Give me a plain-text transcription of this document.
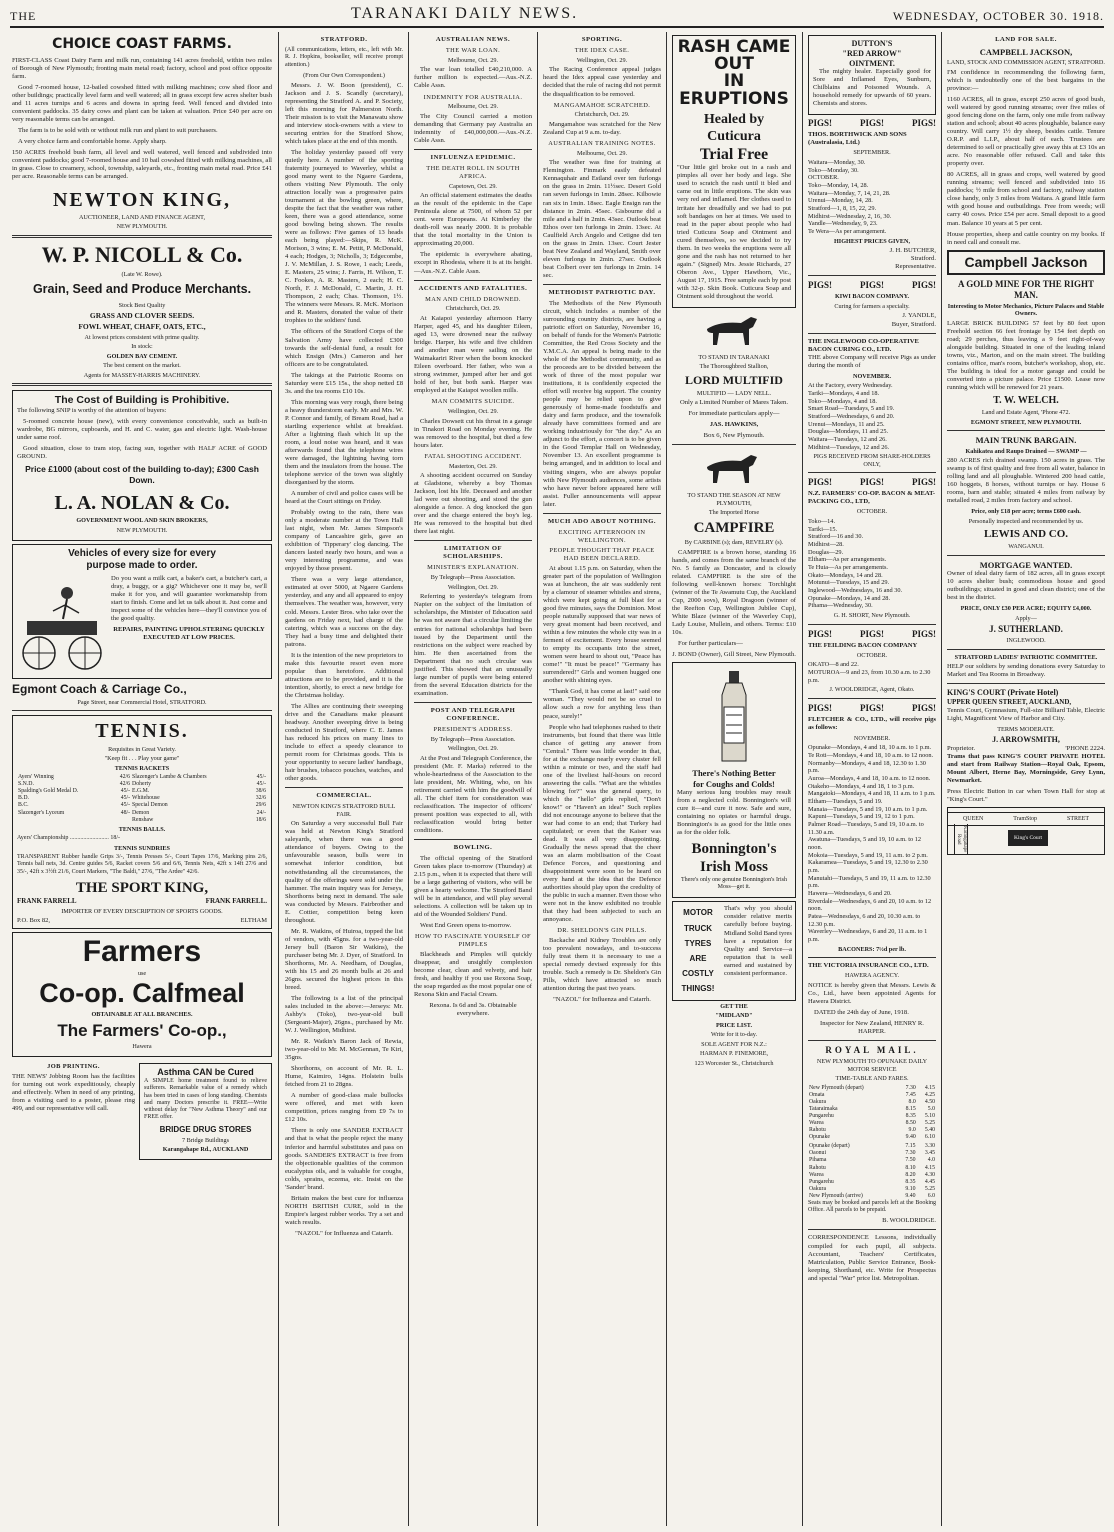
THE	TARANAKI DAILY NEWS.	WEDNESDAY, OCTOBER 30. 1918.
CHOICE COAST FARMS.

FIRST-CLASS Coast Dairy Farm and milk run, containing 141 acres freehold, within two miles of Borough of New Plymouth; fronting main metal road; factory, school and post office opposite farm.

Good 7-roomed house, 12-bailed cowshed fitted with milking machines; cow shed floor and other buildings; practically level farm and well watered; all in grass except few acres shelter bush and 11 acres turnips and 6 acres and downs in spring feed. Well fenced and divided into convenient paddocks. 35 dairy cows and plant can be taken at valuation. Price £40 per acre on very reasonable terms can be arranged.

The farm is to be sold with or without milk run and plant to suit purchasers.

A very choice farm and comfortable home. Apply sharp.

150 ACRES freehold bush farm, all level and well watered, well fenced and subdivided into convenient paddocks; good 7-roomed house and 10 bail cowshed fitted with milking machines, all in grass. Close to creamery, school, township, saleyards, etc., fronting main metal road. Price £41 per acre. Reasonable terms can be arranged.

NEWTON KING,
AUCTIONEER, LAND AND FINANCE AGENT,
NEW PLYMOUTH.
W. P. NICOLL & Co.
(Late W. Rowe).
Grain, Seed and Produce Merchants.
Stock Best Quality
GRASS AND CLOVER SEEDS.
FOWL WHEAT, CHAFF, OATS, ETC.,
At lowest prices consistent with prime quality.
In stock:
GOLDEN BAY CEMENT.
The best cement on the market.
Agents for MASSEY-HARRIS MACHINERY.
The Cost of Building is Prohibitive.

The following SNIP is worthy of the attention of buyers:

5-roomed concrete house (new), with every convenience conceivable, such as built-in wardrobe, BG mirrors, cupboards, and H. and C. water, gas and electric light. Wash-house under same roof.

Good situation, close to tram stop, facing sun, together with HALF ACRE of GOOD GROUND.

Price £1000 (about cost of the building to-day); £300 Cash Down.
L. A. NOLAN & Co.
GOVERNMENT WOOL AND SKIN BROKERS,
NEW PLYMOUTH.
Vehicles of every size for every
purpose made to order.

Do you want a milk cart, a baker's cart, a butcher's cart, a dray, a buggy, or a gig? Whichever one it may be, we'll make it for you, and will guarantee workmanship from start to finish. Come and let us talk about it. Just come and inspect some of the vehicles here—they'll convince you of the good quality.

REPAIRS, PAINTING UPHOLSTERING QUICKLY EXECUTED AT LOW PRICES.

Egmont Coach & Carriage Co.,
Page Street, near Commercial Hotel, STRATFORD.
TENNIS.
Requisites in Great Variety.
"Keep fit . . . Play your game"
TENNIS RACKETS
Ayers' Winning	42/6	Slazenger's Lambe & Chambers	45/-
S.N.D.	42/6	Doherty	45/-
Spalding's Gold Medal D.	45/-	E.G.M.	38/6
B.D.	45/-	Whitehouse	32/6
B.C.	45/-	Special Demon	29/6
Slazenger's Lyceum	48/-	Demon	24/-
		Renshaw	18/6
TENNIS BALLS.
Ayers' Championship .......................... 18/-
TENNIS SUNDRIES

TRANSPARENT Rubber handle Grips 3/-, Tennis Presses 5/-, Court Tapes 17/6, Marking pins 2/6, Tennis ball nets, 3d. Centre guides 5/6, Racket covers 5/6 and 6/6, Tennis Nets, 42ft x 14ft 27/6 and 35/-, 42ft x 3½ft 21/6, Court Markers, "The Baldi," 27/6, "The Ardee" 42/6.

THE SPORT KING,
FRANK FARRELL	FRANK FARRELL.
IMPORTER OF EVERY DESCRIPTION OF SPORTS GOODS.
P.O. Box 82,	ELTHAM
Farmers
use
Co-op. Calfmeal
OBTAINABLE AT ALL BRANCHES.
The Farmers' Co-op.,
Hawera
JOB PRINTING.

THE NEWS' Jobbing Room has the facilities for turning out work expeditiously, cheaply and effectively. When in need of any printing, from a visiting card to a poster, please ring 499, and our representative will call.

Asthma CAN be Cured

A SIMPLE home treatment found to relieve sufferers. Remarkable value of a remedy which has been tried in cases of long standing. Chemists and many Doctors prescribe it. FREE—Write without delay for "New Asthma Theory" and our FREE offer.

BRIDGE DRUG STORES
7 Bridge Buildings
Karangahape Rd., AUCKLAND
STRATFORD.

(All communications, letters, etc., left with Mr. R. J. Hopkins, bookseller, will receive prompt attention.)

(From Our Own Correspondent.)

Messrs. J. W. Boon (president), C. Jackson and J. S. Scandly (secretary), representing the Stratford A. and P. Society, left this morning for Palmerston North. Their mission is to visit the Manawatu show and interview stock-owners with a view to securing entries for the Stratford Show, which takes place at the end of this month.

The holiday yesterday passed off very quietly here. A number of the sporting fraternity journeyed to Waverley, whilst a good many went to the Ngaere Gardens, others visiting New Plymouth. The only attraction locally was a progressive pairs tournament at the bowling green, where, despite the fact that the weather was rather keen, there was a good attendance, some good bowling being shown. The results were as follows: Five games of 13 heads each being played:—Skips, R. McK. Morison, 3 wins; E. M. Pettit, P. McDonald, 4 each; Hodges, 3; Nicholls, 3; Edgecombe, J. V. McMillan, J. S. Rowe, 1 each; Leeds, E. Masters, 25 wins; J. Farris, H. Wilson, T. C. Fookes, A. R. Masters, 2 each; H. C. North, F. J. McDonald, C. Martin, J. H. Thompson, 2 each; Chas. Thomson, 1½. The winners were Messrs. R. McK. Morison and R. Masters, donated the value of their trophies to the soldiers' fund.

The officers of the Stratford Corps of the Salvation Army have collected £300 towards the self-denial fund, a result for which Ensign (Mrs.) Cameron and her officers are to be congratulated.

The takings at the Patriotic Rooms on Saturday were £15 15s., the shop netted £8 3s. and the tea rooms £10 10s.

This morning was very rough, there being a heavy thunderstorm early. Mr and Mrs. W. P. Connor and family, of Bream Road, had a startling experience whilst at breakfast. After a lightning flash which lit up the room, a loud noise was heard, and it was afterwards found that the telephone wires were damaged, the lightning having torn them and the insulators from the house. The telephone service of the town was slightly disorganised by the storm.

A number of civil and police cases will be heard at the Court sittings on Friday.

Probably owing to the rain, there was only a moderate number at the Town Hall last night, when Mr. James Simpson's company of Lancashire girls, gave an exhibition of 'Tipperary' clog dancing. The dancers lasted nearly two hours, and was a very interesting programme, and was enjoyed by those present.

There was a very large attendance, estimated at over 5000, at Ngaere Gardens yesterday, and any and all appeared to enjoy themselves. The weather was, however, very cold. Messrs. Lester Bros. who take over the gardens on Friday next, had charge of the catering, which was a success on the day. They had a busy time and delighted their patrons.

It is the intention of the new proprietors to make this favourite resort even more popular than heretofore. Additional attractions are to be provided, and it is the intention, shortly, to erect a new bridge for the Christmas holiday.

The Allies are continuing their sweeping drive and the Canadians make pleasant headway. Another sweeping drive is being conducted in Stratford, where C. E. James has reduced his prices on many lines to include to effect a speedy clearance to permit room for Christmas goods. This is your opportunity to secure ladies' handbags, hair brushes, tobacco pouches, watches, and other goods.

COMMERCIAL.
NEWTON KING'S STRATFORD BULL FAIR.

On Saturday a very successful Bull Fair was held at Newton King's Stratford saleyards, when there was a good attendance of buyers. Owing to the unfavourable season, bulls were in somewhat inferior condition, but notwithstanding all the circumstances, the quality of the offerings were sold under the hammer. The main inquiry was for Jerseys, Shorthorns being next in demand. The sale was conducted by Messrs. Fairbrother and E. Cottier, competition being keen throughout.

Mr. R. Watkins, of Huiroa, topped the list of vendors, with 45gns. for a two-year-old Jersey bull (Baron Sir Watkins), the purchaser being Mr. J. Dyer, of Stratford. In Shorthorns, Mr. A. Needham, of Douglas, with his 15 and 26 month bulls at 26 and 26gns. secured the highest prices in this breed.

The following is a list of the principal sales included in the above:—Jerseys: Mr. Ashby's (Toko), two-year-old bull (Sergeant-Major), 26gns., purchased by Mr. W. J. Wellington, Midhirst.

Mr. R. Watkin's Baron Jack of Rewia, two-year-old to Mr. M. McGennan, Te Kiri, 35gns.

Shorthorns, on account of Mr. R. L. Hume, Kaimiro, 14gns. Holstein bulls fetched from 21 to 28gns.

A number of good-class male bullocks were offered, and met with keen competition, prices ranging from £9 7s to £12 10s.

There is only one SANDER EXTRACT and that is what the people reject the many inferior and harmful substitutes and pass on goods. SANDER'S EXTRACT is free from the objectionable qualities of the common eucalyptus oils, and is valuable for coughs, colds, sprains, eczema, etc. Insist on the 'Sander' brand.

Britain makes the best cure for influenza NORTH BRITISH CURE, sold in the Empire's largest rubber works. Try a set and watch results.

"NAZOL" for Influenza and Catarrh.

AUSTRALIAN NEWS.
THE WAR LOAN.
Melbourne, Oct. 29.

The war loan totalled £40,210,000. A further million is expected.—Aus.-N.Z. Cable Assn.

INDEMNITY FOR AUSTRALIA.
Melbourne, Oct. 29.

The City Council carried a motion demanding that Germany pay Australia an indemnity of £40,000,000.—Aus.-N.Z. Cable Assn.

INFLUENZA EPIDEMIC.
THE DEATH ROLL IN SOUTH AFRICA.
Capetown, Oct. 29.

An official statement estimates the deaths as the result of the epidemic in the Cape Peninsula alone at 7500, of whom 52 per cent. were Europeans. At Kimberley the death-roll was nearly 2000. It is probable that the total mortality in the Union is approximating 20,000.

The epidemic is everywhere abating, except in Rhodesia, where it is at its height.—Aus.-N.Z. Cable Assn.

ACCIDENTS AND FATALITIES.
MAN AND CHILD DROWNED.
Christchurch, Oct. 29.

At Kaiapoi yesterday afternoon Harry Harper, aged 45, and his daughter Eileen, aged 13, were drowned near the railway bridge. Harper, his wife and five children and another man were sailing on the Waimakariri River when the boom knocked Eileen overboard. Her father, who was a strong swimmer, jumped after her and got hold of her, but both sank. Harper was employed at the Kaiapoi woollen mills.

MAN COMMITS SUICIDE.
Wellington, Oct. 29.

Charles Dowsett cut his throat in a garage in Tinakori Road on Monday evening. He was removed to the hospital, but died a few hours later.

FATAL SHOOTING ACCIDENT.
Masterton, Oct. 29.

A shooting accident occurred on Sunday at Gladstone, whereby a boy Thomas Jackson, lost his life. Deceased and another lad were out shooting, and stood the gun alongside a fence. A dog knocked the gun over and the charge entered the boy's leg. He was removed to the hospital but died there last night.

LIMITATION OF SCHOLARSHIPS.
MINISTER'S EXPLANATION.
By Telegraph—Press Association.
Wellington, Oct. 29.

Referring to yesterday's telegram from Napier on the subject of the limitation of scholarships, the Minister of Education said he was not aware that a circular limiting the entries for national scholarships had been issued by the Department until the restrictions on the subject were reached by him. He then ascertained from the Department that no such circular was justified. This showed that an unusually large number of pupils were being entered from the several Education districts for the examination.

POST AND TELEGRAPH CONFERENCE.
PRESIDENT'S ADDRESS.
By Telegraph—Press Association.
Wellington, Oct. 29.

At the Post and Telegraph Conference, the president (Mr. F. Marks) referred to the whole-heartedness of the Association to the late president, Mr. Whiting, who, on his retirement carried with him the goodwill of all. The chief item for consideration was reclassification. The inspector of officers' present position was expected to all, with reclassification would bring better conditions.

BOWLING.

The official opening of the Stratford Green takes place to-morrow (Thursday) at 2.15 p.m., when it is expected that there will be a large gathering of visitors, who will be given a hearty welcome. The Stratford Band will be in attendance, and will play several selections. A collection will be taken up in aid of the Wounded Soldiers' Fund.

West End Green opens to-morrow.

HOW TO FASCINATE YOURSELF OF PIMPLES

Blackheads and Pimples will quickly disappear, and unsightly complexion become clear, clean and velvety, and hair fresh, and healthy if you use Rexona Soap, the soap regarded as the most popular one of Rexona Skin and Facial Cream.

Rexona. Is 6d and 3s. Obtainable everywhere.

SPORTING.
THE IDEX CASE.
Wellington, Oct. 29.

The Racing Conference appeal judges heard the Idex appeal case yesterday and decided that the rule of racing did not permit the disqualification to be removed.

MANGAMAHOE SCRATCHED.
Christchurch, Oct. 29.

Mangamahoe was scratched for the New Zealand Cup at 9 a.m. to-day.

AUSTRALIAN TRAINING NOTES.
Melbourne, Oct. 29.

The weather was fine for training at Flemington. Finmark easily defeated Kennaquhair and Estland over ten furlongs on the grass in 2min. 11½sec. Desert Gold ran seven furlongs in 1min. 28sec. Kilbowie ran six in 1min. 18sec. Eagle Ensign ran the distance in 2min. 45sec. Gisbourne did a mile and a half in 2min. 43sec. Outlook beat Ethos over ten furlongs in 2min. 13sec. At Caulfield Arch Angelo and Cetigne did ten on the grass in 2min. 13sec. Court Jester beat New Zealand and Wayland, Smith over eleven furlongs in 2min. 27sec. Outlook beat Colbert over ten furlongs in 2min. 14 sec.

METHODIST PATRIOTIC DAY.

The Methodists of the New Plymouth circuit, which includes a number of the surrounding country districts, are having a patriotic effort on Saturday, November 16, on behalf of funds for the Women's Patriotic Committee, the Red Cross Society and the Y.M.C.A. An appeal is being made to the whole of the Methodist community, and as the proceeds are to be divided between the work of three of the most popular war institutions, it is confidently expected the effort will receive big support. The country people may be relied upon to give generously of home-made foodstuffs and dairy and farm produce, and the townsfolk already have committees formed and are working industriously for "the day." As an adjunct to the effort, a concert is to be given in the Good Templar Hall on Wednesday, November 13. An excellent programme is being arranged, and in addition to local and visiting singers, who are always popular with New Plymouth audiences, some artists who have never before appeared here will assist. Fuller announcements will appear later.

MUCH ADO ABOUT NOTHING.
EXCITING AFTERNOON IN WELLINGTON.
PEOPLE THOUGHT THAT PEACE HAD BEEN DECLARED.

At about 1.15 p.m. on Saturday, when the greater part of the population of Wellington was at luncheon, the air was suddenly rent by a clamour of steamer whistles and sirens, which were kept going at full blast for a good five minutes, says the Dominion. Most people naturally supposed that war news of very great moment had been received, and within a few minutes the whole city was in a ferment of excitement. Every house seemed to empty its occupants into the street, women were heard to shout out, "Peace has come!" "It must be peace!" "Germany has surrendered!" Girls and women hugged one another with shining eyes.

"Thank God, it has come at last!" said one woman. "They would not be so cruel to allow such a row for anything less than peace, surely!"

People who had telephones rushed to their instruments, but found that there was little chance of getting any answer from "Central." There was little wonder in that, for at the exchange nearly every cluster fell within a minute or two, and the staff had one of the liveliest half-hours on record answering the calls. "What are the whistles blowing for?" was the general query, to which the "hello" girls replied, "Don't know!" or "Haven't an idea!" Such replies did not encourage anyone to believe that the war had come to an end; that Turkey had capitulated; or even that the Kaiser was dead. It was all very disappointing. Gradually the news spread that the cheer was an alarm mobilisation of the Coast Defence Forces, and questioning and disappointment were soon to be heard on every hand at the idea that the Defence authorities should play upon the credulity of the public in such a manner. Even those who were not in the know exhibited no trouble that they had been subjected to such an annoyance.

DR. SHELDON'S GIN PILLS.

Backache and Kidney Troubles are only too prevalent nowadays, and to-success fully treat them it is necessary to use a special remedy devised expressly for this trouble. Such a remedy is Dr. Sheldon's Gin Pills, which have attracted so much attention during the past two years.

"NAZOL" for Influenza and Catarrh.

RASH CAME OUT
IN ERUPTIONS
Healed by Cuticura
Trial Free

"Our little girl broke out in a rash and pimples all over her body and legs. She used to scratch the rash until it bled and came out in little eruptions. The skin was very red and inflamed. Her clothes used to irritate her dreadfully and we had to put soft bandages on her at times. We used to read in the paper about people who had tried Cuticura Soap and Ointment and cured themselves, so we decided to try them. In two weeks the eruptions were all gone and the rash has not returned to her again." (Signed) Mrs. Jessie Richards, 27 Oberon Ave., Upper Hawthorn, Vic., August 17, 1915. Free sample each by post with 32-p. Skin Book. Cuticura Soap and Ointment sold throughout the world.

TO STAND IN TARANAKI
The Thoroughbred Stallion,
LORD MULTIFID
MULTIFID — LADY NELL.

Only a Limited Number of Mares Taken.

For immediate particulars apply—

JAS. HAWKINS,

Box 6, New Plymouth.

TO STAND THE SEASON AT NEW PLYMOUTH,
The Imported Horse
CAMPFIRE
By CARBINE (s); dam, REVELRY (s).

CAMPFIRE is a brown horse, standing 16 hands, and comes from the same branch of the No. 5 family as Doncaster, and is closely related. CAMPFIRE is the sire of the following well-known horses: Torchlight (winner of the Te Awamutu Cup, the Auckland Cup, 2000 sovs), Royal Dragoon (winner of the Reefton Cup, Wellington Jubilee Cup), White Blaze (winner of the Waverley Cup), Lady Louise, Mullein, and others. Terms: £10 10s.

For further particulars—

J. BOND (Owner), Gill Street, New Plymouth.

There's Nothing Better
for Coughs and Colds!

Many serious lung troubles may result from a neglected cold. Bonnington's will cure it—and cure it now. Safe and sure, containing no opiates or harmful drugs. Bonnington's is as good for the little ones as for the older folk.

Bonnington's
Irish Moss

There's only one genuine Bonnington's Irish Moss—get it.

MOTOR
TRUCK
TYRES
ARE
COSTLY
THINGS!

That's why you should consider relative merits carefully before buying. Midland Solid Band tyres have a reputation for Quality and Service—a reputation that is well earned and sustained by consistent performance.

GET THE
"MIDLAND"
PRICE LIST.
Write for it to-day.
SOLE AGENT FOR N.Z.:
HARMAN P. FINEMORE,
123 Worcester St., Christchurch
DUTTON'S
"RED ARROW"
OINTMENT.

The mighty healer. Especially good for Sore and Inflamed Eyes, Sunburn, Chilblains and Poisoned Wounds. A household remedy for upwards of 60 years. Chemists and stores.

PIGS!	PIGS!	PIGS!
THOS. BORTHWICK AND SONS (Australasia, Ltd.)
SEPTEMBER.
Waitara—Monday, 30.
Toko—Monday, 30.
OCTOBER.
Toko—Monday, 14, 28.
Waitara—Monday, 7, 14, 21, 28.
Urenui—Monday, 14, 28.
Stratford—1, 8, 15, 22, 29.
Midhirst—Wednesday, 2, 16, 30.
Yandle—Wednesday, 9, 23.
Te Wera—As per arrangement.
HIGHEST PRICES GIVEN,
J. H. BUTCHER,
Stratford.
Representative.
PIGS!	PIGS!	PIGS!
KIWI BACON COMPANY.
Curing for farmers a specialty.
J. YANDLE,
Buyer, Stratford.
THE INGLEWOOD CO-OPERATIVE BACON CURING CO., LTD.

THE above Company will receive Pigs as under during the month of

NOVEMBER.
At the Factory, every Wednesday.
Tariki—Mondays, 4 and 18.
Toko—Mondays, 4 and 18.
Smart Road—Tuesdays, 5 and 19.
Stratford—Wednesdays, 6 and 20.
Urenui—Mondays, 11 and 25.
Douglas—Mondays, 11 and 25.
Waitara—Tuesdays, 12 and 26.
Midhirst—Tuesdays, 12 and 26.
PIGS RECEIVED FROM SHARE-HOLDERS ONLY,
PIGS!	PIGS!	PIGS!
N.Z. FARMERS' CO-OP. BACON & MEAT-PACKING CO., LTD,
OCTOBER.
Toko—14.
Tariki—15.
Stratford—16 and 30.
Midhirst—28.
Douglas—29.
Eltham—As per arrangements.
Te Huia—As per arrangements.
Okato—Mondays, 14 and 28.
Motunui—Tuesdays, 15 and 29.
Inglewood—Wednesdays, 16 and 30.
Opunake—Mondays, 14 and 28.
Pihama—Wednesday, 30.
G. H. SHORT, New Plymouth.
PIGS!	PIGS!	PIGS!
THE FEILDING BACON COMPANY
OCTOBER.
OKATO—8 and 22.
MOTUROA—9 and 23, from 10.30 a.m. to 2.30 p.m.
J. WOOLDRIDGE, Agent, Okato.
PIGS!	PIGS!	PIGS!

FLETCHER & CO., LTD., will receive pigs as follows:

NOVEMBER.
Opunake—Mondays, 4 and 18, 10 a.m. to 1 p.m.
Te Roti—Mondays, 4 and 18, 10 a.m. to 12 noon.
Normanby—Mondays, 4 and 18, 12.30 to 1.30 p.m.
Auroa—Mondays, 4 and 18, 10 a.m. to 12 noon.
Otakeho—Mondays, 4 and 18, 1 to 3 p.m.
Mangatoki—Mondays, 4 and 18, 11 a.m. to 1 p.m.
Eltham—Tuesdays, 5 and 19.
Manaia—Tuesdays, 5 and 19, 10 a.m. to 1 p.m.
Kapuni—Tuesdays, 5 and 19, 12 to 1 p.m.
Palmer Road—Tuesdays, 5 and 19, 10 a.m. to 11.30 a.m.
Awatuna—Tuesdays, 5 and 19, 10 a.m. to 12 noon.
Mokoia—Tuesdays, 5 and 19, 11 a.m. to 2 p.m.
Kakaramea—Tuesdays, 5 and 19, 12.30 to 2.30 p.m.
Manutahi—Tuesdays, 5 and 19, 11 a.m. to 12.30 p.m.
Hawera—Wednesdays, 6 and 20.
Riverdale—Wednesdays, 6 and 20, 10 a.m. to 12 noon.
Patea—Wednesdays, 6 and 20, 10.30 a.m. to 12.30 p.m.
Waverley—Wednesdays, 6 and 20, 11 a.m. to 1 p.m.
BACONERS: 7½d per lb.
THE VICTORIA INSURANCE CO., LTD.
HAWERA AGENCY.

NOTICE is hereby given that Messrs. Lewis & Co., Ltd., have been appointed Agents for Hawera District.

DATED the 24th day of June, 1918.

Inspector for New Zealand, HENRY R. HARPER.

ROYAL MAIL.
NEW PLYMOUTH TO OPUNAKE DAILY MOTOR SERVICE
TIME-TABLE AND FARES.
New Plymouth (depart)	7.30	4.15
Omata	7.45	4.25
Oakura	8.0	4.50
Tataraimaka	8.15	5.0
Pungarehu	8.35	5.10
Warea	8.50	5.25
Rahotu	9.0	5.40
Opunake	9.40	6.10
Opunake (depart)	7.15	3.30
Oaonui	7.30	3.45
Pihama	7.50	4.0
Rahotu	8.10	4.15
Warea	8.20	4.30
Pungarehu	8.35	4.45
Oakura	9.10	5.25
New Plymouth (arrive)	9.40	6.0

Seats may be booked and parcels left at the Booking Office. All parcels to be prepaid.

B. WOOLDRIDGE.

CORRESPONDENCE Lessons, individually compiled for each pupil, all subjects. Accountant, Teachers' Certificates, Matriculation, Public Service Entrance, Book-keeping, Shorthand, etc. Write for Prospectus and special "War" price list. Metropolitan.

LAND FOR SALE.
CAMPBELL JACKSON,
LAND, STOCK AND COMMISSION AGENT, STRATFORD.

I'M confidence in recommending the following farm, which is undoubtedly one of the best bargains in the province:—

1160 ACRES, all in grass, except 250 acres of good bush, well watered by good running streams; over five miles of good fencing done on the farm, only one mile from railway station and school; about 40 acres ploughable, balance easy country. Will carry 1½ dry sheep, besides cattle. Tenure O.R.P. and L.I.P., about half of each. Trustees are determined to sell or practically give away this at £3 10s an acre. No reasonable offer refused. Call and take this property over.

80 ACRES, all in grass and crops, well watered by good running streams; well fenced and subdivided into 16 paddocks; ½ mile from school and factory, railway station close handy, only 3 miles from Waitara. A grand little farm with good house and outbuildings. Free from weeds; will carry 40 cows. Price £54 per acre. Small deposit to a good man. Balance 10 years at 5 per cent.

House properties, sheep and cattle country on my books. If in need call and consult me.

Campbell Jackson
A GOLD MINE FOR THE RIGHT MAN.
Interesting to Motor Mechanics, Picture Palaces and Stable Owners.

LARGE BRICK BUILDING 57 feet by 80 feet upon Freehold section 66 feet frontage by 154 feet depth on road; 29 perches, thus leaving a 9 feet right-of-way alongside building. Situated in one of the leading inland towns, viz., Marton, and on the main street. The building contains office, man's room, butcher's workshop, shop, etc. The building is ideal for a motor garage and could be converted into a picture palace. Price £1500. Lease now running which will be renewed for 21 years.

T. W. WELCH.
Land and Estate Agent, 'Phone 472.
EGMONT STREET, NEW PLYMOUTH.
MAIN TRUNK BARGAIN.
Kahikatea and Raupo Drained — SWAMP —

280 ACRES rich drained swamp. 150 acres in grass. The swamp is of first quality and free from all water, balance in rolling land and all ploughable. Wintered 200 head cattle, 160 hoggets, 8 horses, without turnips or hay. House 6 rooms, barn and stable; situated 4 miles from railway by metalled road, 2 miles from factory and school.

Price, only £18 per acre; terms £600 cash.
Personally inspected and recommended by us.
LEWIS AND CO.
WANGANUI.
MORTGAGE WANTED.

Owner of ideal dairy farm of 182 acres, all in grass except 10 acres shelter bush; commodious house and good outbuildings; situated in good and clean district; one of the best in the district.

PRICE, ONLY £30 PER ACRE; EQUITY £4,000.
Apply—
J. SUTHERLAND.
INGLEWOOD.
STRATFORD LADIES' PATRIOTIC COMMITTEE.

HELP our soldiers by sending donations every Saturday to Market and Tea Rooms in Broadway.

KING'S COURT (Private Hotel)
UPPER QUEEN STREET, AUCKLAND,

Tennis Court, Gymnasium, Full-size Billiard Table, Electric Light, Magnificent View of Harbor and City.

TERMS MODERATE.
J. ARROWSMITH,
Proprietor.	'PHONE 2224.

Trams that pass KING'S COURT PRIVATE HOTEL and start from Railway Station—Royal Oak, Epsom, Mount Albert, Herne Bay, Morningside, Grey Lynn, Newmarket.

Press Electric Button in car when Town Hall for stop at "King's Court."

QUEEN	TramStop	STREET
Karangahape Road	King's Court
